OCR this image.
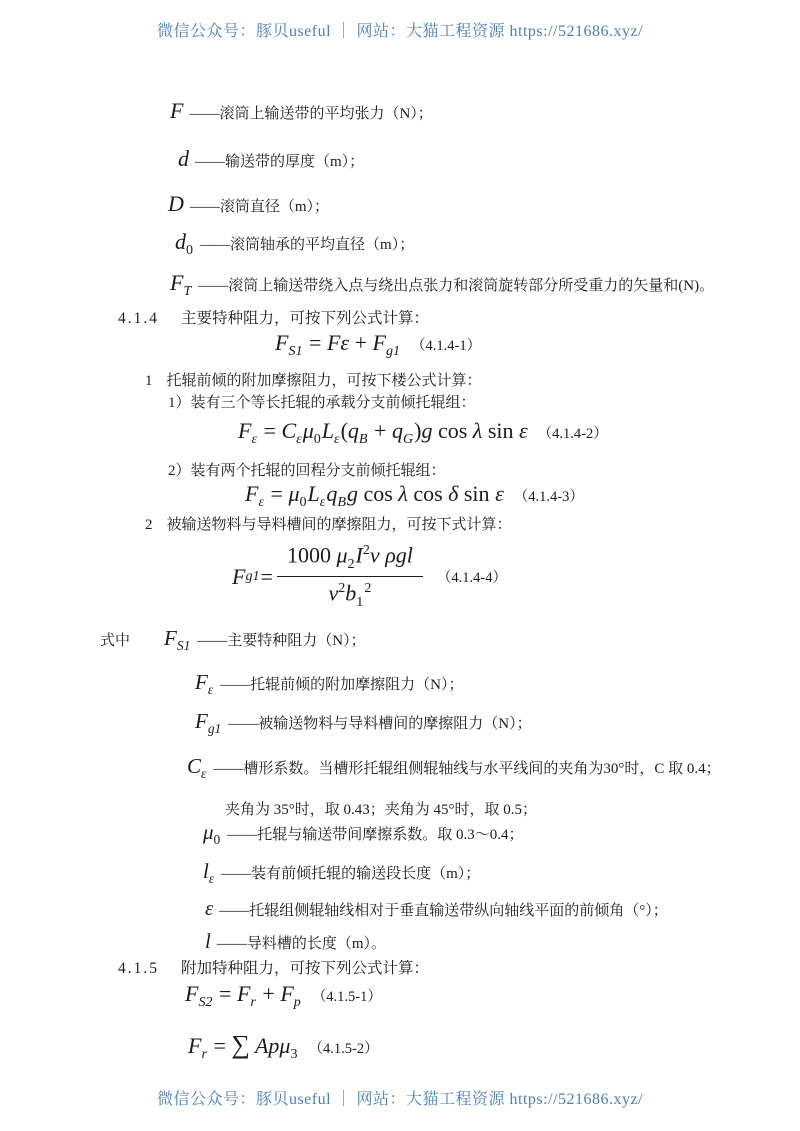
微信公众号：豚贝useful ｜ 网站：大猫工程资源 https://521686.xyz/
F ——滚筒上输送带的平均张力（N）；
d ——输送带的厚度（m）；
D ——滚筒直径（m）；
$d_0$ ——滚筒轴承的平均直径（m）；
$F_T$ ——滚筒上输送带绕入点与绕出点张力和滚筒旋转部分所受重力的矢量和(N)。
4.1.4 主要特种阻力，可按下列公式计算：
$F_{S1} = F\varepsilon + F_{g1}$ （4.1.4-1）
1 托辊前倾的附加摩擦阻力，可按下楼公式计算：
1）装有三个等长托辊的承载分支前倾托辊组：
$F_\varepsilon = C_\varepsilon\mu_0L_\varepsilon(q_B + q_G)g$ cos λ sin ε （4.1.4-2）
2）装有两个托辊的回程分支前倾托辊组：
$F_\varepsilon = \mu_0L_\varepsilon q_Bg$ cos λ cos δ sin ε （4.1.4-3）
2 被输送物料与导料槽间的摩擦阻力，可按下式计算：
F $g1 = \frac{1000 \mu_2I^2v \rho gl}{v^2b_1^2} (4.1.4-4)$
式中 $F_{S1}$ ——主要特种阻力（N）；
$F_\varepsilon$ ——托辊前倾的附加摩擦阻力（N）；
$F_{g1}$ ——被输送物料与导料槽间的摩擦阻力（N）；
$C_\varepsilon$ ——槽形系数。当槽形托辊组侧辊轴线与水平线间的夹角为30°时，C 取 0.4；
夹角为 35°时，取 0.43；夹角为 45°时，取 0.5；
$\mu_0$ ——托辊与输送带间摩擦系数。取 0.3～0.4；
$l_\varepsilon$ ——装有前倾托辊的输送段长度（m）；
ε ——托辊组侧辊轴线相对于垂直输送带纵向轴线平面的前倾角（°）；
l ——导料槽的长度（m）。
4.1.5 附加特种阻力，可按下列公式计算：
$F_{S2} = F_r + F_p$ （4.1.5-1）
$F_r$ = ∑ Apμ$_3$ （4.1.5-2）
微信公众号：豚贝useful ｜ 网站：大猫工程资源 https://521686.xyz/
